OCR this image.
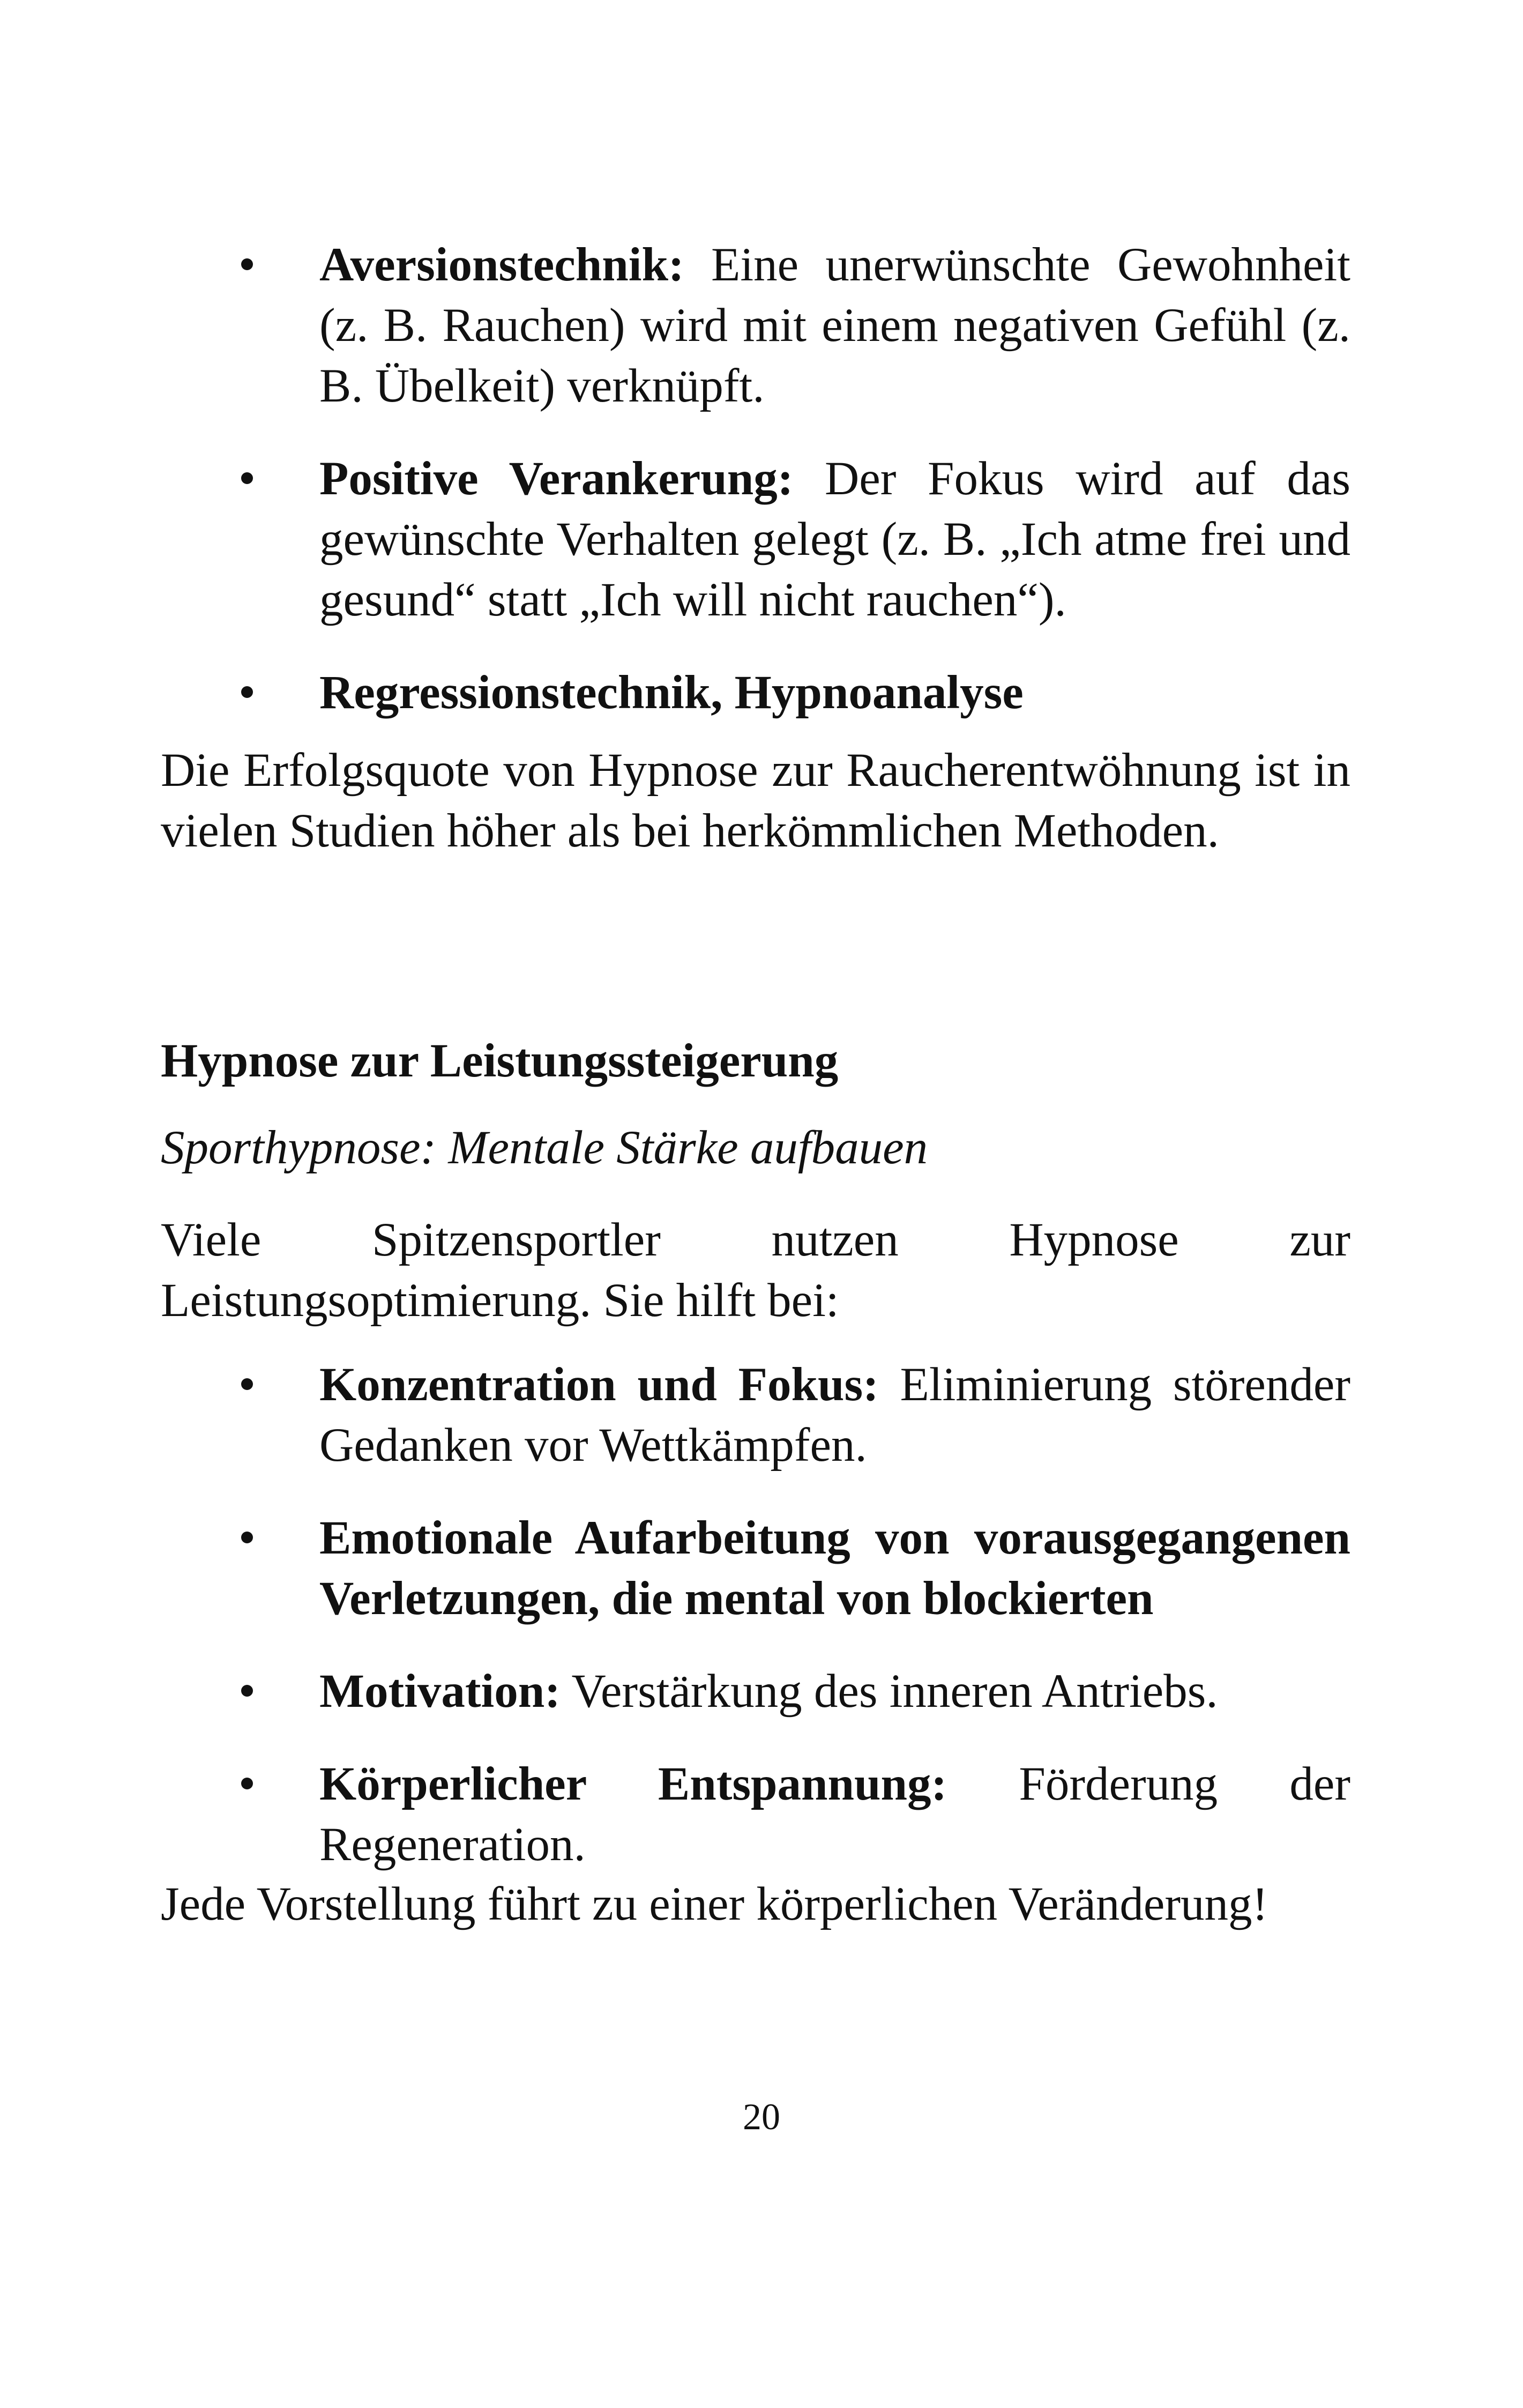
Aversionstechnik: Eine unerwünschte Gewohnheit (z. B. Rauchen) wird mit einem negativen Gefühl (z. B. Übelkeit) verknüpft.
Positive Verankerung: Der Fokus wird auf das gewünschte Verhalten gelegt (z. B. „Ich atme frei und gesund“ statt „Ich will nicht rauchen“).
Regressionstechnik, Hypnoanalyse

Die Erfolgsquote von Hypnose zur Raucherentwöhnung ist in vielen Studien höher als bei herkömmlichen Methoden.

Hypnose zur Leistungssteigerung

Sporthypnose: Mentale Stärke aufbauen

Viele Spitzensportler nutzen Hypnose zur Leistungsoptimierung. Sie hilft bei:

Konzentration und Fokus: Eliminierung störender Gedanken vor Wettkämpfen.
Emotionale Aufarbeitung von vorausgegangenen Verletzungen, die mental von blockierten
Motivation: Verstärkung des inneren Antriebs.
Körperlicher Entspannung: Förderung der Regeneration.

Jede Vorstellung führt zu einer körperlichen Veränderung!

20
